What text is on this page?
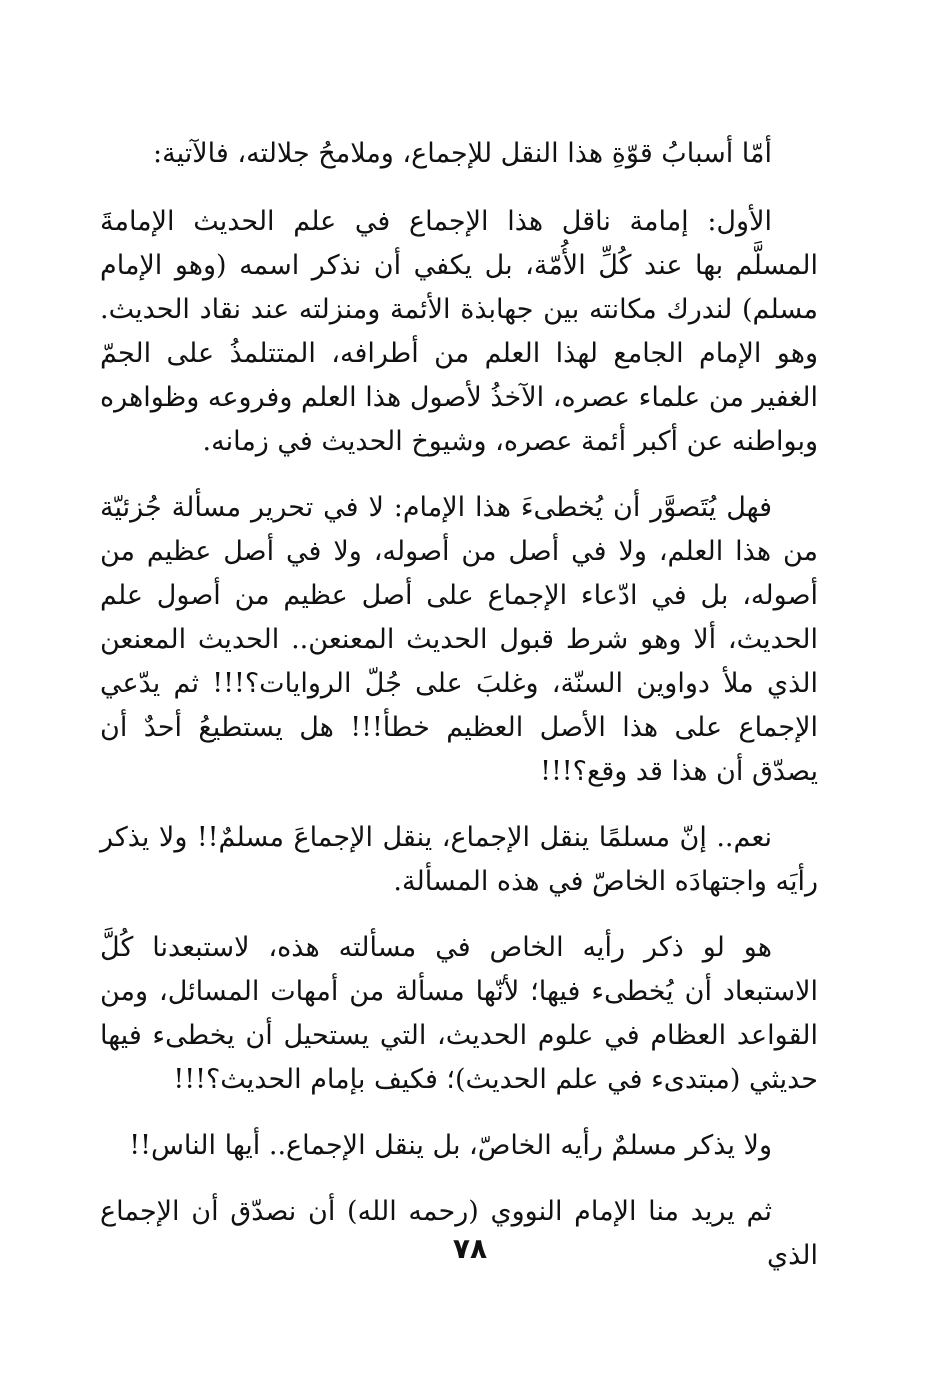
أمّا أسبابُ قوّةِ هذا النقل للإجماع، وملامحُ جلالته، فالآتية:

الأول: إمامة ناقل هذا الإجماع في علم الحديث الإمامةَ المسلَّم بها عند كُلِّ الأُمّة، بل يكفي أن نذكر اسمه (وهو الإمام مسلم) لندرك مكانته بين جهابذة الأئمة ومنزلته عند نقاد الحديث. وهو الإمام الجامع لهذا العلم من أطرافه، المتتلمذُ على الجمّ الغفير من علماء عصره، الآخذُ لأصول هذا العلم وفروعه وظواهره وبواطنه عن أكبر أئمة عصره، وشيوخ الحديث في زمانه.

فهل يُتَصوَّر أن يُخطىءَ هذا الإمام: لا في تحرير مسألة جُزئيّة من هذا العلم، ولا في أصل من أصوله، ولا في أصل عظيم من أصوله، بل في ادّعاء الإجماع على أصل عظيم من أصول علم الحديث، ألا وهو شرط قبول الحديث المعنعن.. الحديث المعنعن الذي ملأ دواوين السنّة، وغلبَ على جُلّ الروايات؟!!! ثم يدّعي الإجماع على هذا الأصل العظيم خطأ!!! هل يستطيعُ أحدٌ أن يصدّق أن هذا قد وقع؟!!!

نعم.. إنّ مسلمًا ينقل الإجماع، ينقل الإجماعَ مسلمٌ!! ولا يذكر رأيَه واجتهادَه الخاصّ في هذه المسألة.

هو لو ذكر رأيه الخاص في مسألته هذه، لاستبعدنا كُلَّ الاستبعاد أن يُخطىء فيها؛ لأنّها مسألة من أمهات المسائل، ومن القواعد العظام في علوم الحديث، التي يستحيل أن يخطىء فيها حديثي (مبتدىء في علم الحديث)؛ فكيف بإمام الحديث؟!!!

ولا يذكر مسلمٌ رأيه الخاصّ، بل ينقل الإجماع.. أيها الناس!!

ثم يريد منا الإمام النووي (رحمه الله) أن نصدّق أن الإجماع الذي

٧٨
